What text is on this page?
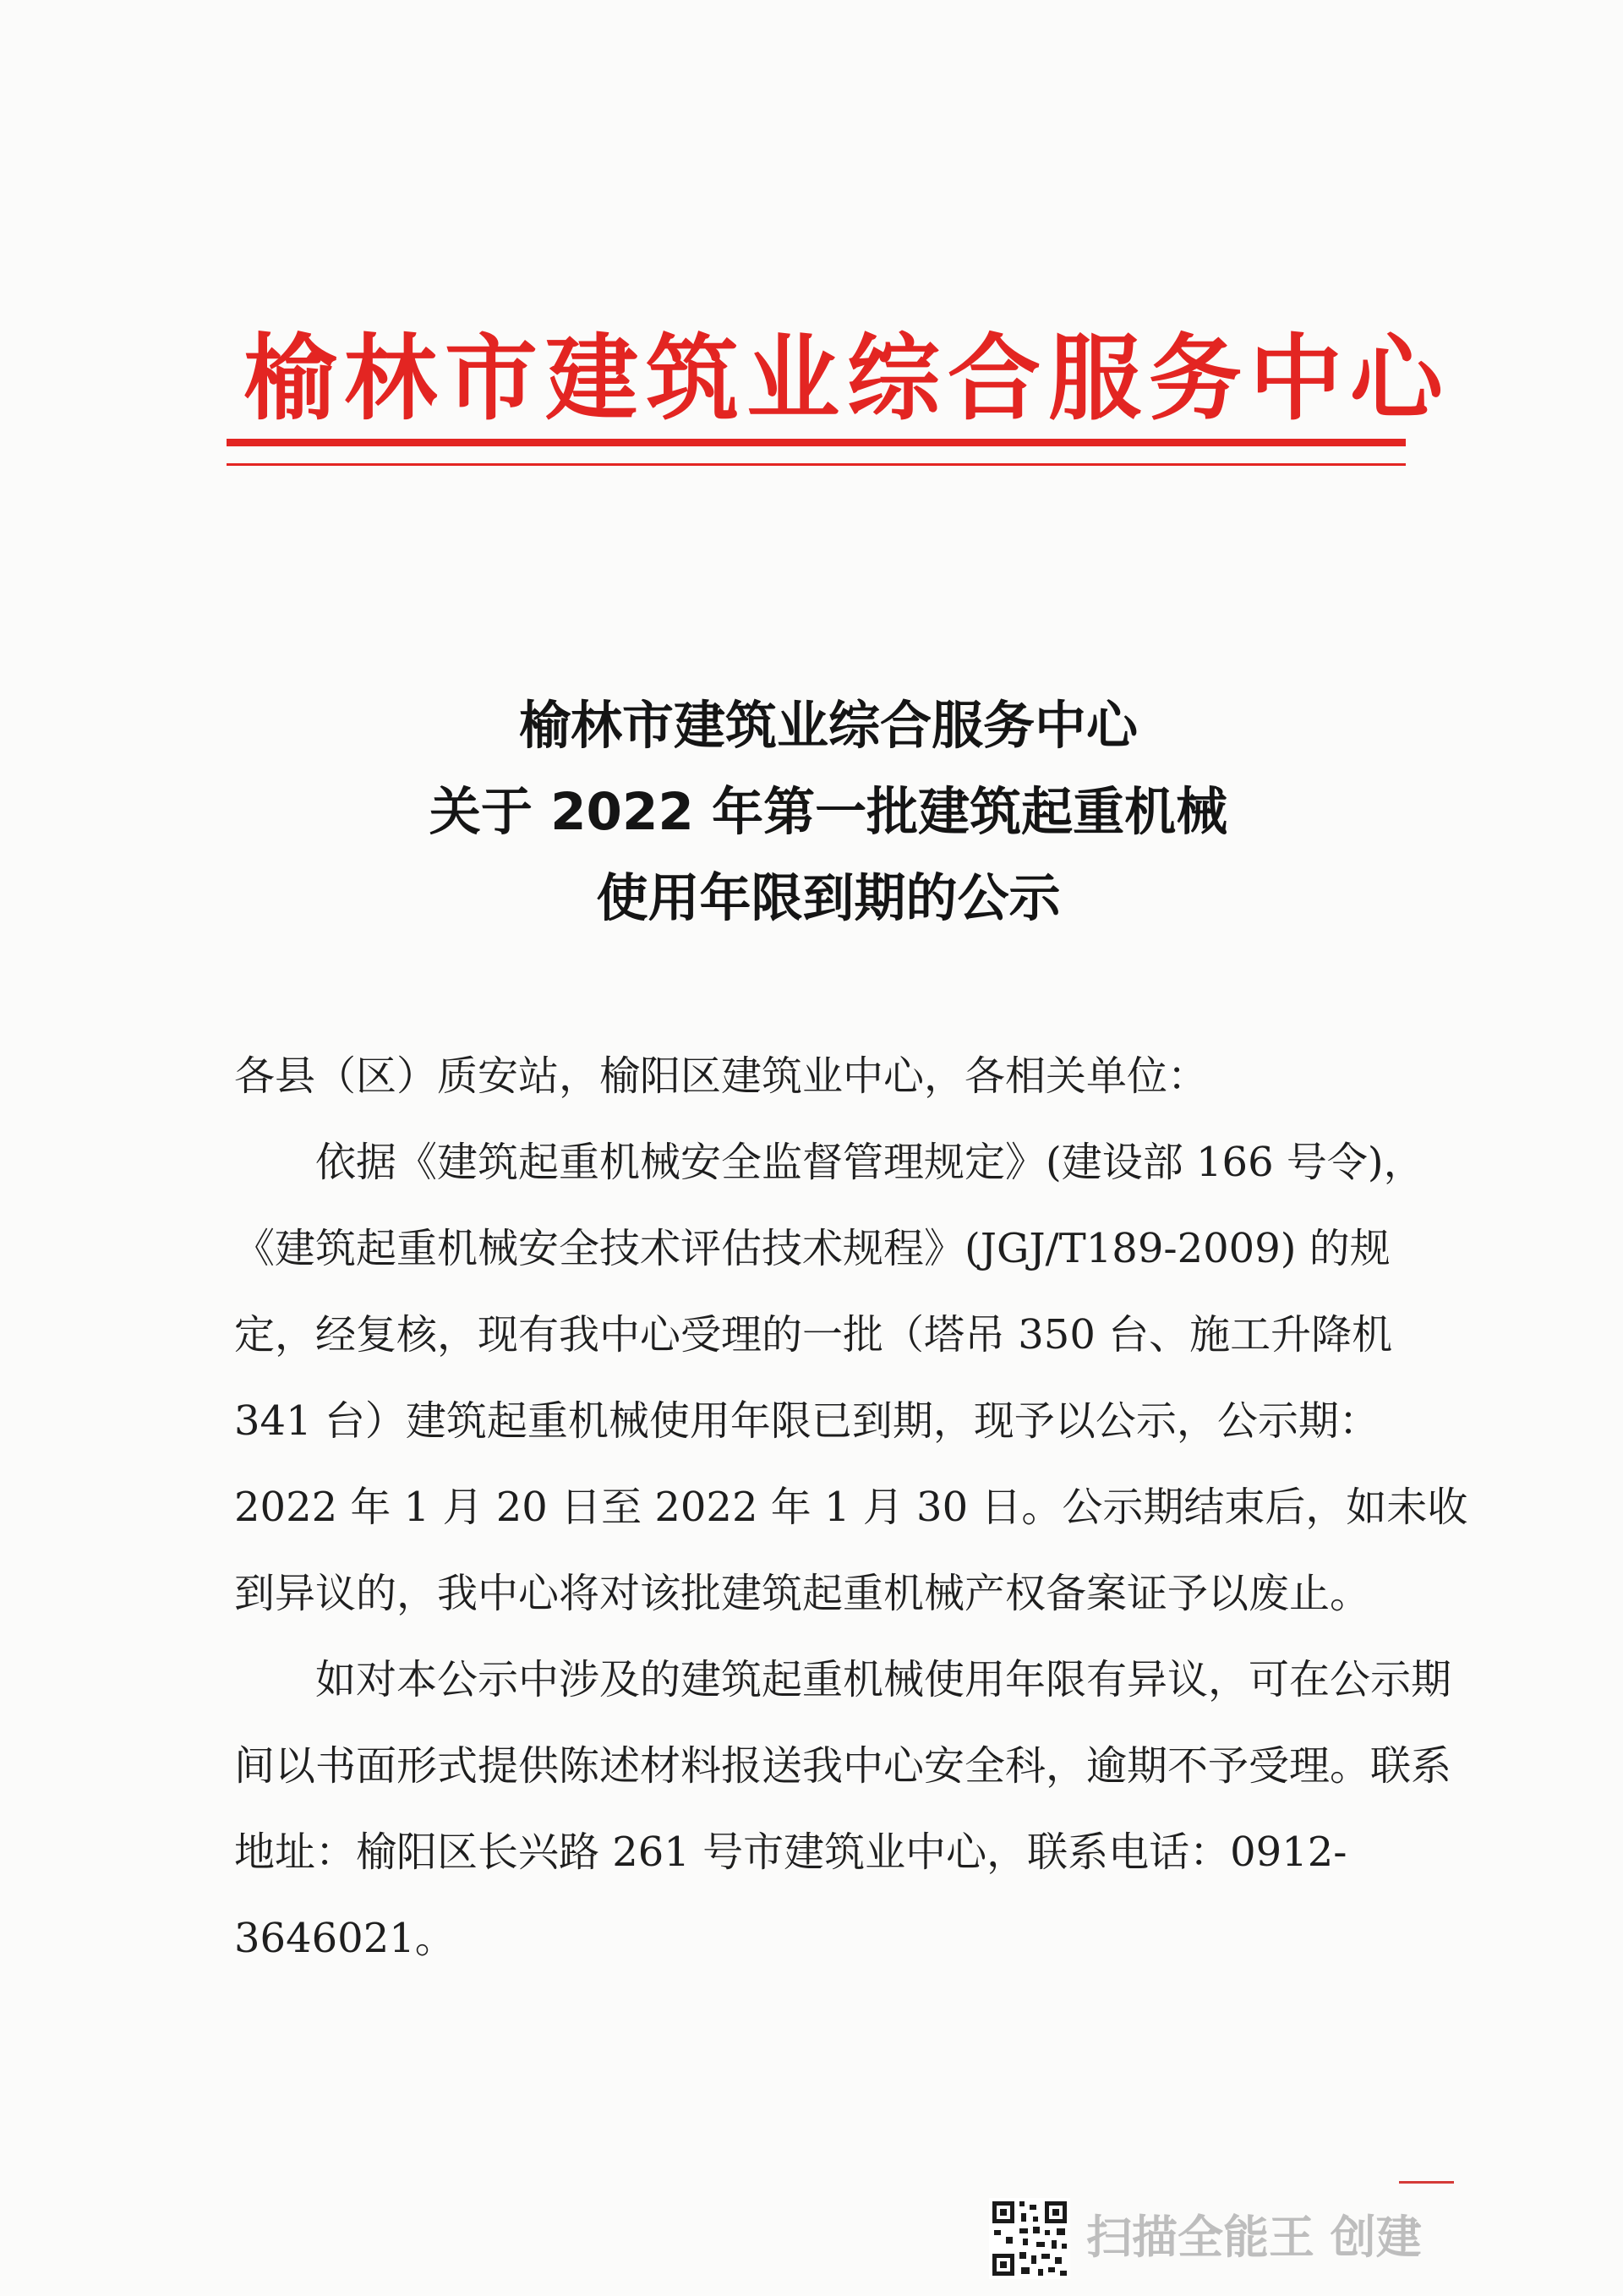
榆林市建筑业综合服务中心
榆林市建筑业综合服务中心
关于 2022 年第一批建筑起重机械
使用年限到期的公示

各县（区）质安站，榆阳区建筑业中心，各相关单位：

依据《建筑起重机械安全监督管理规定》(建设部 166 号令)，《建筑起重机械安全技术评估技术规程》(JGJ/T189-2009) 的规定，经复核，现有我中心受理的一批（塔吊 350 台、施工升降机 341 台）建筑起重机械使用年限已到期，现予以公示，公示期：2022 年 1 月 20 日至 2022 年 1 月 30 日。公示期结束后，如未收到异议的，我中心将对该批建筑起重机械产权备案证予以废止。

如对本公示中涉及的建筑起重机械使用年限有异议，可在公示期间以书面形式提供陈述材料报送我中心安全科，逾期不予受理。联系地址：榆阳区长兴路 261 号市建筑业中心，联系电话：0912-3646021。

扫描全能王 创建
